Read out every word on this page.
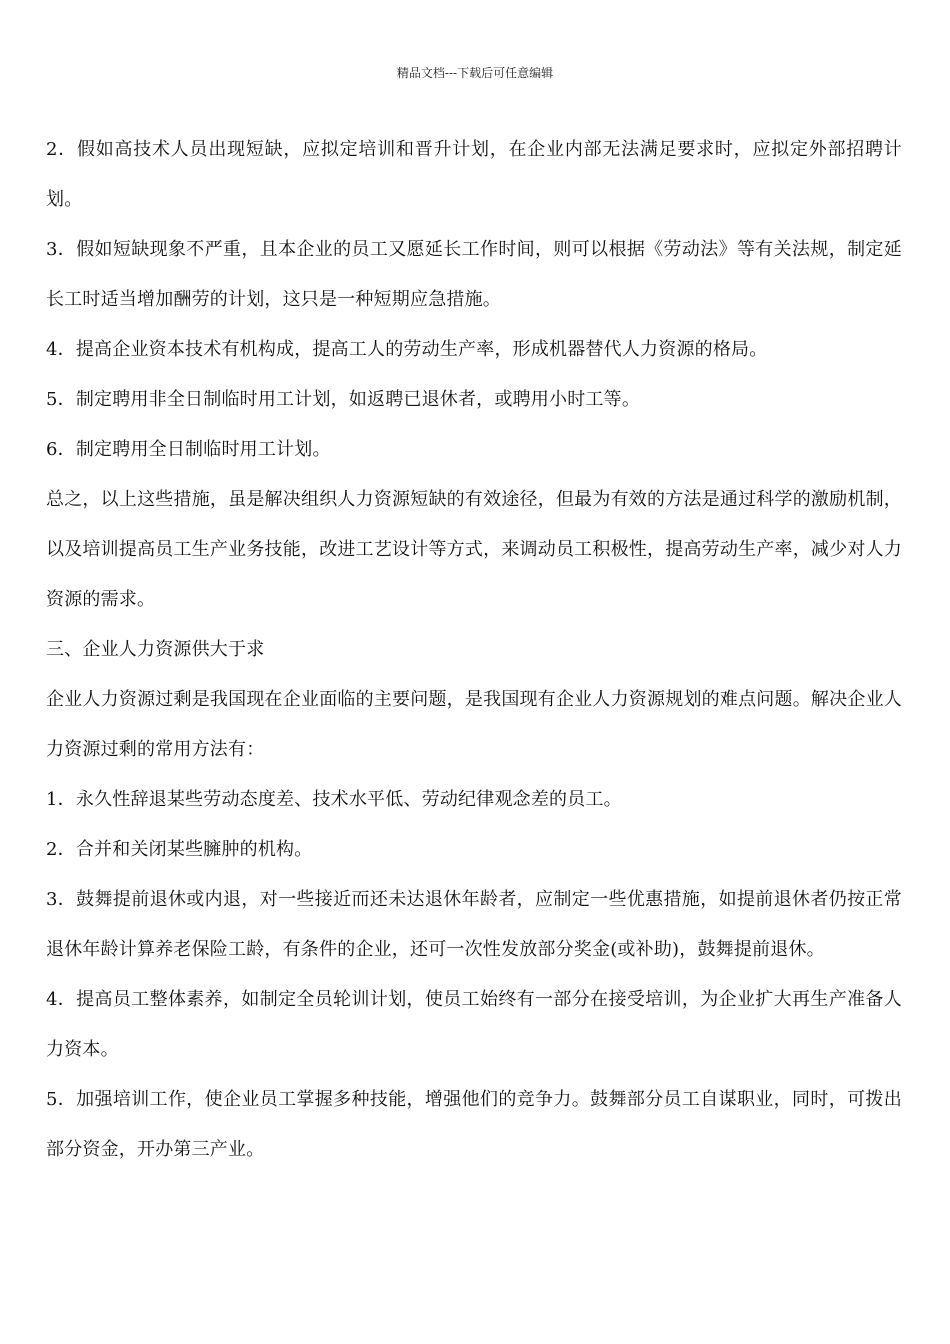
精品文档---下载后可任意编辑

2．假如高技术人员出现短缺，应拟定培训和晋升计划，在企业内部无法满足要求时，应拟定外部招聘计划。

3．假如短缺现象不严重，且本企业的员工又愿延长工作时间，则可以根据《劳动法》等有关法规，制定延长工时适当增加酬劳的计划，这只是一种短期应急措施。

4．提高企业资本技术有机构成，提高工人的劳动生产率，形成机器替代人力资源的格局。

5．制定聘用非全日制临时用工计划，如返聘已退休者，或聘用小时工等。

6．制定聘用全日制临时用工计划。

总之，以上这些措施，虽是解决组织人力资源短缺的有效途径，但最为有效的方法是通过科学的激励机制，以及培训提高员工生产业务技能，改进工艺设计等方式，来调动员工积极性，提高劳动生产率，减少对人力资源的需求。

三、企业人力资源供大于求

企业人力资源过剩是我国现在企业面临的主要问题，是我国现有企业人力资源规划的难点问题。解决企业人力资源过剩的常用方法有：

1．永久性辞退某些劳动态度差、技术水平低、劳动纪律观念差的员工。

2．合并和关闭某些臃肿的机构。

3．鼓舞提前退休或内退，对一些接近而还未达退休年龄者，应制定一些优惠措施，如提前退休者仍按正常退休年龄计算养老保险工龄，有条件的企业，还可一次性发放部分奖金(或补助)，鼓舞提前退休。

4．提高员工整体素养，如制定全员轮训计划，使员工始终有一部分在接受培训，为企业扩大再生产准备人力资本。

5．加强培训工作，使企业员工掌握多种技能，增强他们的竞争力。鼓舞部分员工自谋职业，同时，可拨出部分资金，开办第三产业。
